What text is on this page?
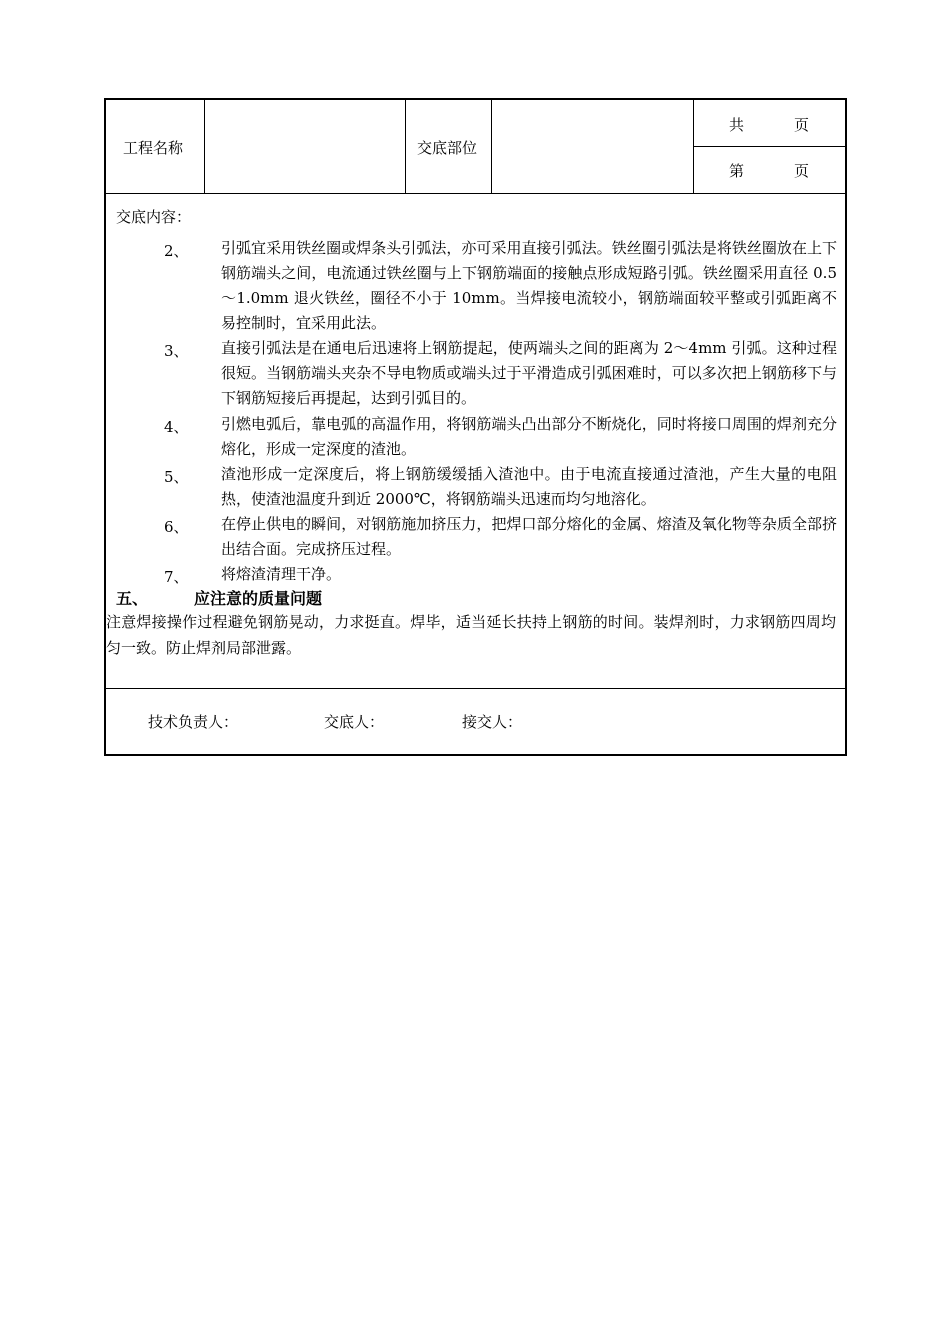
工程名称	交底部位
共	页
第	页
交底内容：
2、 引弧宜采用铁丝圈或焊条头引弧法，亦可采用直接引弧法。铁丝圈引弧法是将铁丝圈放在上下钢筋端头之间，电流通过铁丝圈与上下钢筋端面的接触点形成短路引弧。铁丝圈采用直径 0.5～1.0mm 退火铁丝，圈径不小于 10mm。当焊接电流较小，钢筋端面较平整或引弧距离不易控制时，宜采用此法。
3、 直接引弧法是在通电后迅速将上钢筋提起，使两端头之间的距离为 2～4mm 引弧。这种过程很短。当钢筋端头夹杂不导电物质或端头过于平滑造成引弧困难时，可以多次把上钢筋移下与下钢筋短接后再提起，达到引弧目的。
4、 引燃电弧后，靠电弧的高温作用，将钢筋端头凸出部分不断烧化，同时将接口周围的焊剂充分熔化，形成一定深度的渣池。
5、 渣池形成一定深度后，将上钢筋缓缓插入渣池中。由于电流直接通过渣池，产生大量的电阻热，使渣池温度升到近 2000℃，将钢筋端头迅速而均匀地溶化。
6、 在停止供电的瞬间，对钢筋施加挤压力，把焊口部分熔化的金属、熔渣及氧化物等杂质全部挤出结合面。完成挤压过程。
7、 将熔渣清理干净。
五、	应注意的质量问题
注意焊接操作过程避免钢筋晃动，力求挺直。焊毕，适当延长扶持上钢筋的时间。装焊剂时，力求钢筋四周均匀一致。防止焊剂局部泄露。
技术负责人：	交底人：	接交人：
